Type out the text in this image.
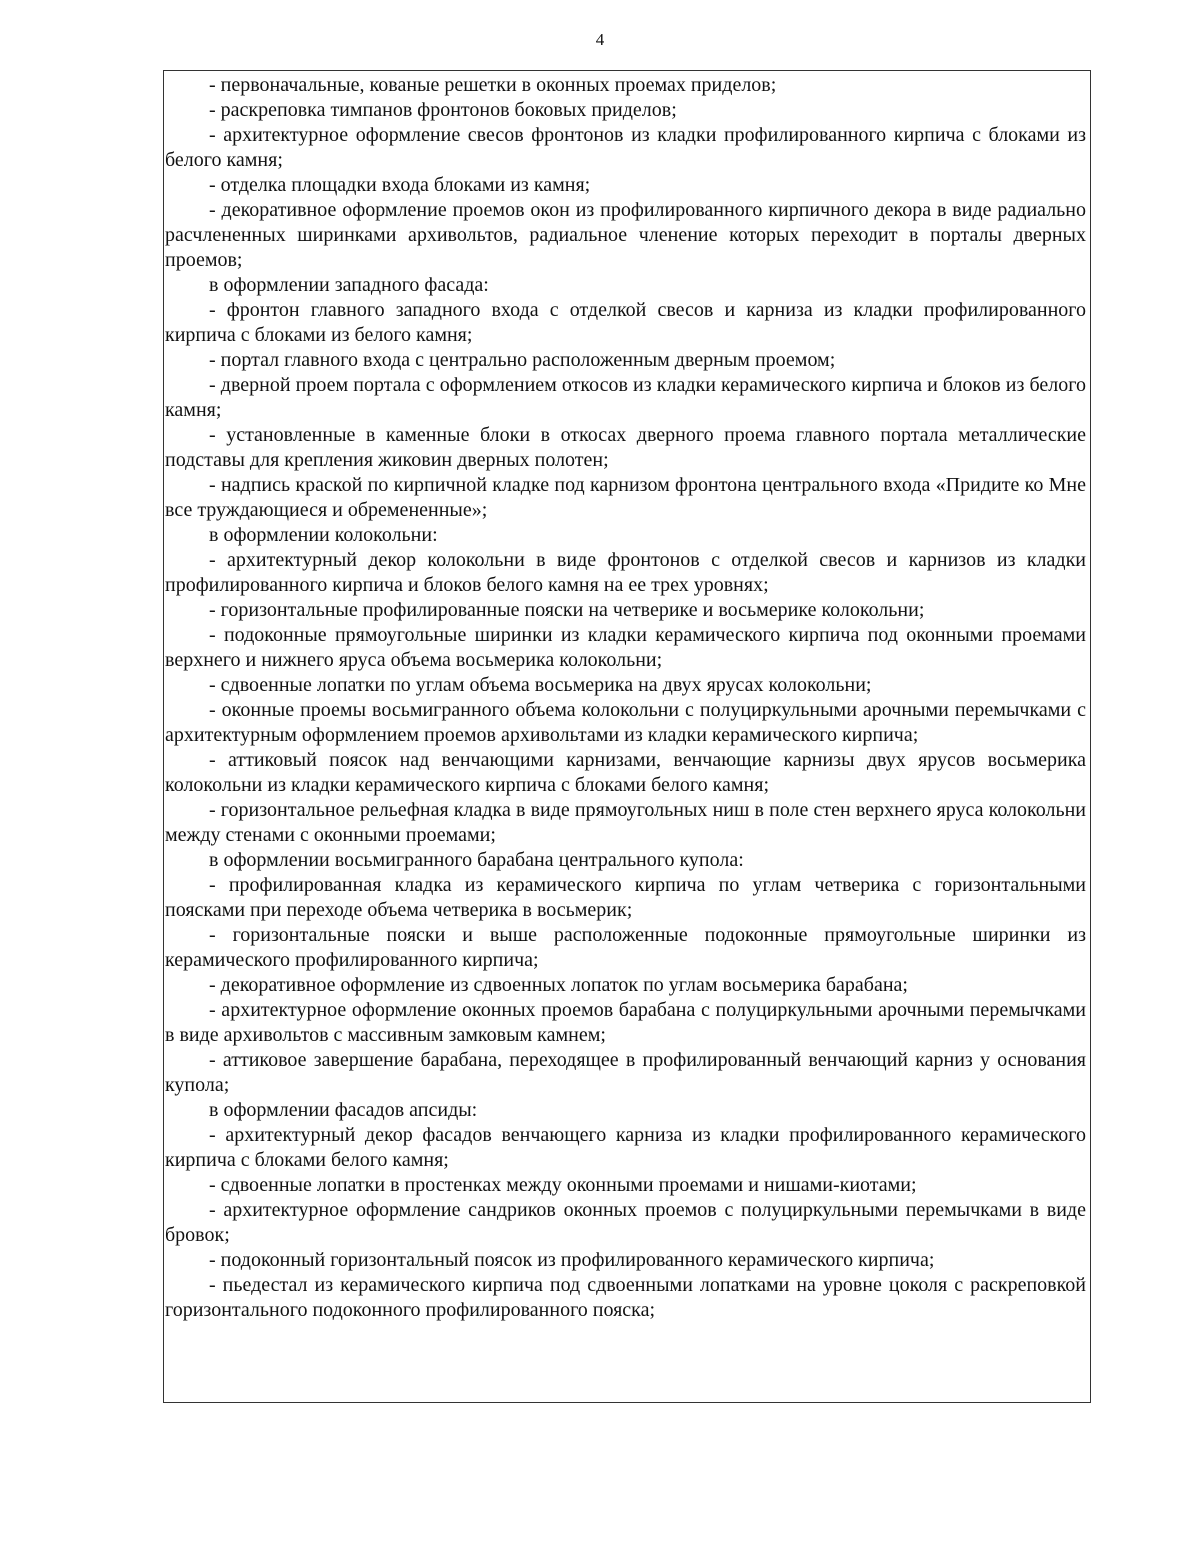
4

- первоначальные, кованые решетки в оконных проемах приделов;

- раскреповка тимпанов фронтонов боковых приделов;

- архитектурное оформление свесов фронтонов из кладки профилированного кирпича с блоками из белого камня;

- отделка площадки входа блоками из камня;

- декоративное оформление проемов окон из профилированного кирпичного декора в виде радиально расчлененных ширинками архивольтов, радиальное членение которых переходит в порталы дверных проемов;

в оформлении западного фасада:

- фронтон главного западного входа с отделкой свесов и карниза из кладки профилированного кирпича с блоками из белого камня;

- портал главного входа с центрально расположенным дверным проемом;

- дверной проем портала с оформлением откосов из кладки керамического кирпича и блоков из белого камня;

- установленные в каменные блоки в откосах дверного проема главного портала металлические подставы для крепления жиковин дверных полотен;

- надпись краской по кирпичной кладке под карнизом фронтона центрального входа «Придите ко Мне все труждающиеся и обремененные»;

в оформлении колокольни:

- архитектурный декор колокольни в виде фронтонов с отделкой свесов и карнизов из кладки профилированного кирпича и блоков белого камня на ее трех уровнях;

- горизонтальные профилированные пояски на четверике и восьмерике колокольни;

- подоконные прямоугольные ширинки из кладки керамического кирпича под оконными проемами верхнего и нижнего яруса объема восьмерика колокольни;

- сдвоенные лопатки по углам объема восьмерика на двух ярусах колокольни;

- оконные проемы восьмигранного объема колокольни с полуциркульными арочными перемычками с архитектурным оформлением проемов архивольтами из кладки керамического кирпича;

- аттиковый поясок над венчающими карнизами, венчающие карнизы двух ярусов восьмерика колокольни из кладки керамического кирпича с блоками белого камня;

- горизонтальное рельефная кладка в виде прямоугольных ниш в поле стен верхнего яруса колокольни между стенами с оконными проемами;

в оформлении восьмигранного барабана центрального купола:

- профилированная кладка из керамического кирпича по углам четверика с горизонтальными поясками при переходе объема четверика в восьмерик;

- горизонтальные пояски и выше расположенные подоконные прямоугольные ширинки из керамического профилированного кирпича;

- декоративное оформление из сдвоенных лопаток по углам восьмерика барабана;

- архитектурное оформление оконных проемов барабана с полуциркульными арочными перемычками в виде архивольтов с массивным замковым камнем;

- аттиковое завершение барабана, переходящее в профилированный венчающий карниз у основания купола;

в оформлении фасадов апсиды:

- архитектурный декор фасадов венчающего карниза из кладки профилированного керамического кирпича с блоками белого камня;

- сдвоенные лопатки в простенках между оконными проемами и нишами-киотами;

- архитектурное оформление сандриков оконных проемов с полуциркульными перемычками в виде бровок;

- подоконный горизонтальный поясок из профилированного керамического кирпича;

- пьедестал из керамического кирпича под сдвоенными лопатками на уровне цоколя с раскреповкой горизонтального подоконного профилированного пояска;
